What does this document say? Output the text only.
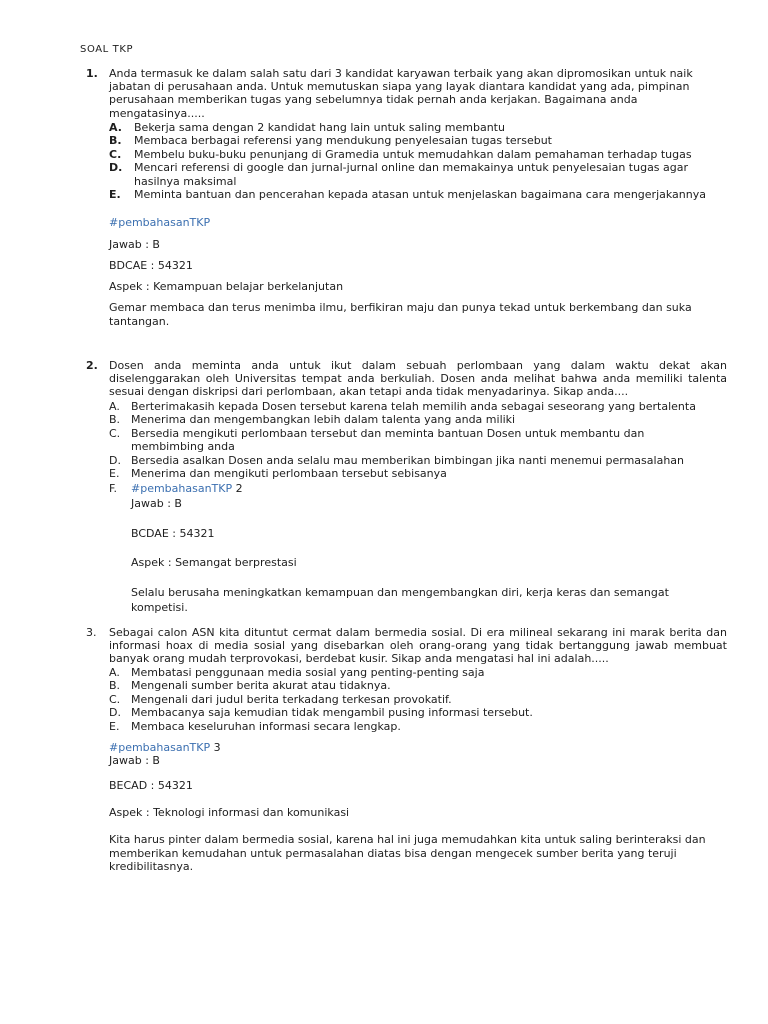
SOAL TKP
1. Anda termasuk ke dalam salah satu dari 3 kandidat karyawan terbaik yang akan dipromosikan untuk naik jabatan di perusahaan anda. Untuk memutuskan siapa yang layak diantara kandidat yang ada, pimpinan perusahaan memberikan tugas yang sebelumnya tidak pernah anda kerjakan. Bagaimana anda mengatasinya.....
A. Bekerja sama dengan 2 kandidat hang lain untuk saling membantu
B. Membaca berbagai referensi yang mendukung penyelesaian tugas tersebut
C. Membelu buku-buku penunjang di Gramedia untuk memudahkan dalam pemahaman terhadap tugas
D. Mencari referensi di google dan jurnal-jurnal online dan memakainya untuk penyelesaian tugas agar hasilnya maksimal
E. Meminta bantuan dan pencerahan kepada atasan untuk menjelaskan bagaimana cara mengerjakannya
#pembahasanTKP
Jawab : B
BDCAE : 54321
Aspek : Kemampuan belajar berkelanjutan
Gemar membaca dan terus menimba ilmu, berfikiran maju dan punya tekad untuk berkembang dan suka tantangan.
2. Dosen anda meminta anda untuk ikut dalam sebuah perlombaan yang dalam waktu dekat akan diselenggarakan oleh Universitas tempat anda berkuliah. Dosen anda melihat bahwa anda memiliki talenta sesuai dengan diskripsi dari perlombaan, akan tetapi anda tidak menyadarinya. Sikap anda....
A. Berterimakasih kepada Dosen tersebut karena telah memilih anda sebagai seseorang yang bertalenta
B. Menerima dan mengembangkan lebih dalam talenta yang anda miliki
C. Bersedia mengikuti perlombaan tersebut dan meminta bantuan Dosen untuk membantu dan membimbing anda
D. Bersedia asalkan Dosen anda selalu mau memberikan bimbingan jika nanti menemui permasalahan
E. Menerima dan mengikuti perlombaan tersebut sebisanya
F. #pembahasanTKP 2
Jawab : B
BCDAE : 54321
Aspek : Semangat berprestasi
Selalu berusaha meningkatkan kemampuan dan mengembangkan diri, kerja keras dan semangat kompetisi.
3. Sebagai calon ASN kita dituntut cermat dalam bermedia sosial. Di era milineal sekarang ini marak berita dan informasi hoax di media sosial yang disebarkan oleh orang-orang yang tidak bertanggung jawab membuat banyak orang mudah terprovokasi, berdebat kusir. Sikap anda mengatasi hal ini adalah.....
A. Membatasi penggunaan media sosial yang penting-penting saja
B. Mengenali sumber berita akurat atau tidaknya.
C. Mengenali dari judul berita terkadang terkesan provokatif.
D. Membacanya saja kemudian tidak mengambil pusing informasi tersebut.
E. Membaca keseluruhan informasi secara lengkap.
#pembahasanTKP 3
Jawab : B
BECAD : 54321
Aspek : Teknologi informasi dan komunikasi
Kita harus pinter dalam bermedia sosial, karena hal ini juga memudahkan kita untuk saling berinteraksi dan memberikan kemudahan untuk permasalahan diatas bisa dengan mengecek sumber berita yang teruji kredibilitasnya.
